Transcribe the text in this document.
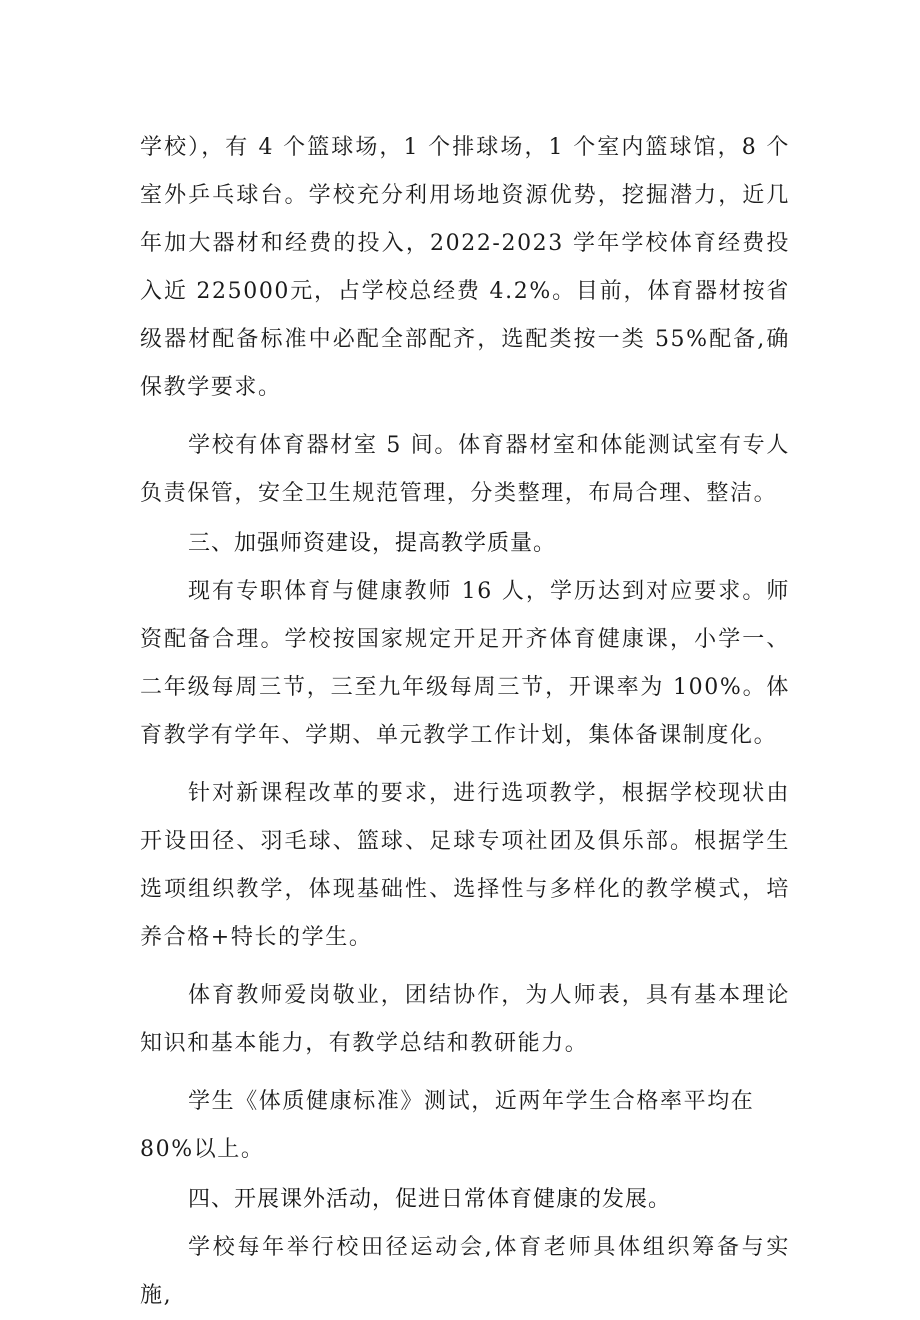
学校），有 4 个篮球场，1 个排球场，1 个室内篮球馆，8 个室外乒乓球台。学校充分利用场地资源优势，挖掘潜力，近几年加大器材和经费的投入，2022-2023 学年学校体育经费投入近 225000元，占学校总经费 4.2%。目前，体育器材按省级器材配备标准中必配全部配齐，选配类按一类 55%配备,确保教学要求。

学校有体育器材室 5 间。体育器材室和体能测试室有专人负责保管，安全卫生规范管理，分类整理，布局合理、整洁。

三、加强师资建设，提高教学质量。

现有专职体育与健康教师 16 人，学历达到对应要求。师资配备合理。学校按国家规定开足开齐体育健康课，小学一、二年级每周三节，三至九年级每周三节，开课率为 100%。体育教学有学年、学期、单元教学工作计划，集体备课制度化。

针对新课程改革的要求，进行选项教学，根据学校现状由开设田径、羽毛球、篮球、足球专项社团及俱乐部。根据学生选项组织教学，体现基础性、选择性与多样化的教学模式，培养合格+特长的学生。

体育教师爱岗敬业，团结协作，为人师表，具有基本理论知识和基本能力，有教学总结和教研能力。

学生《体质健康标准》测试，近两年学生合格率平均在

80%以上。

四、开展课外活动，促进日常体育健康的发展。

学校每年举行校田径运动会,体育老师具体组织筹备与实施,
